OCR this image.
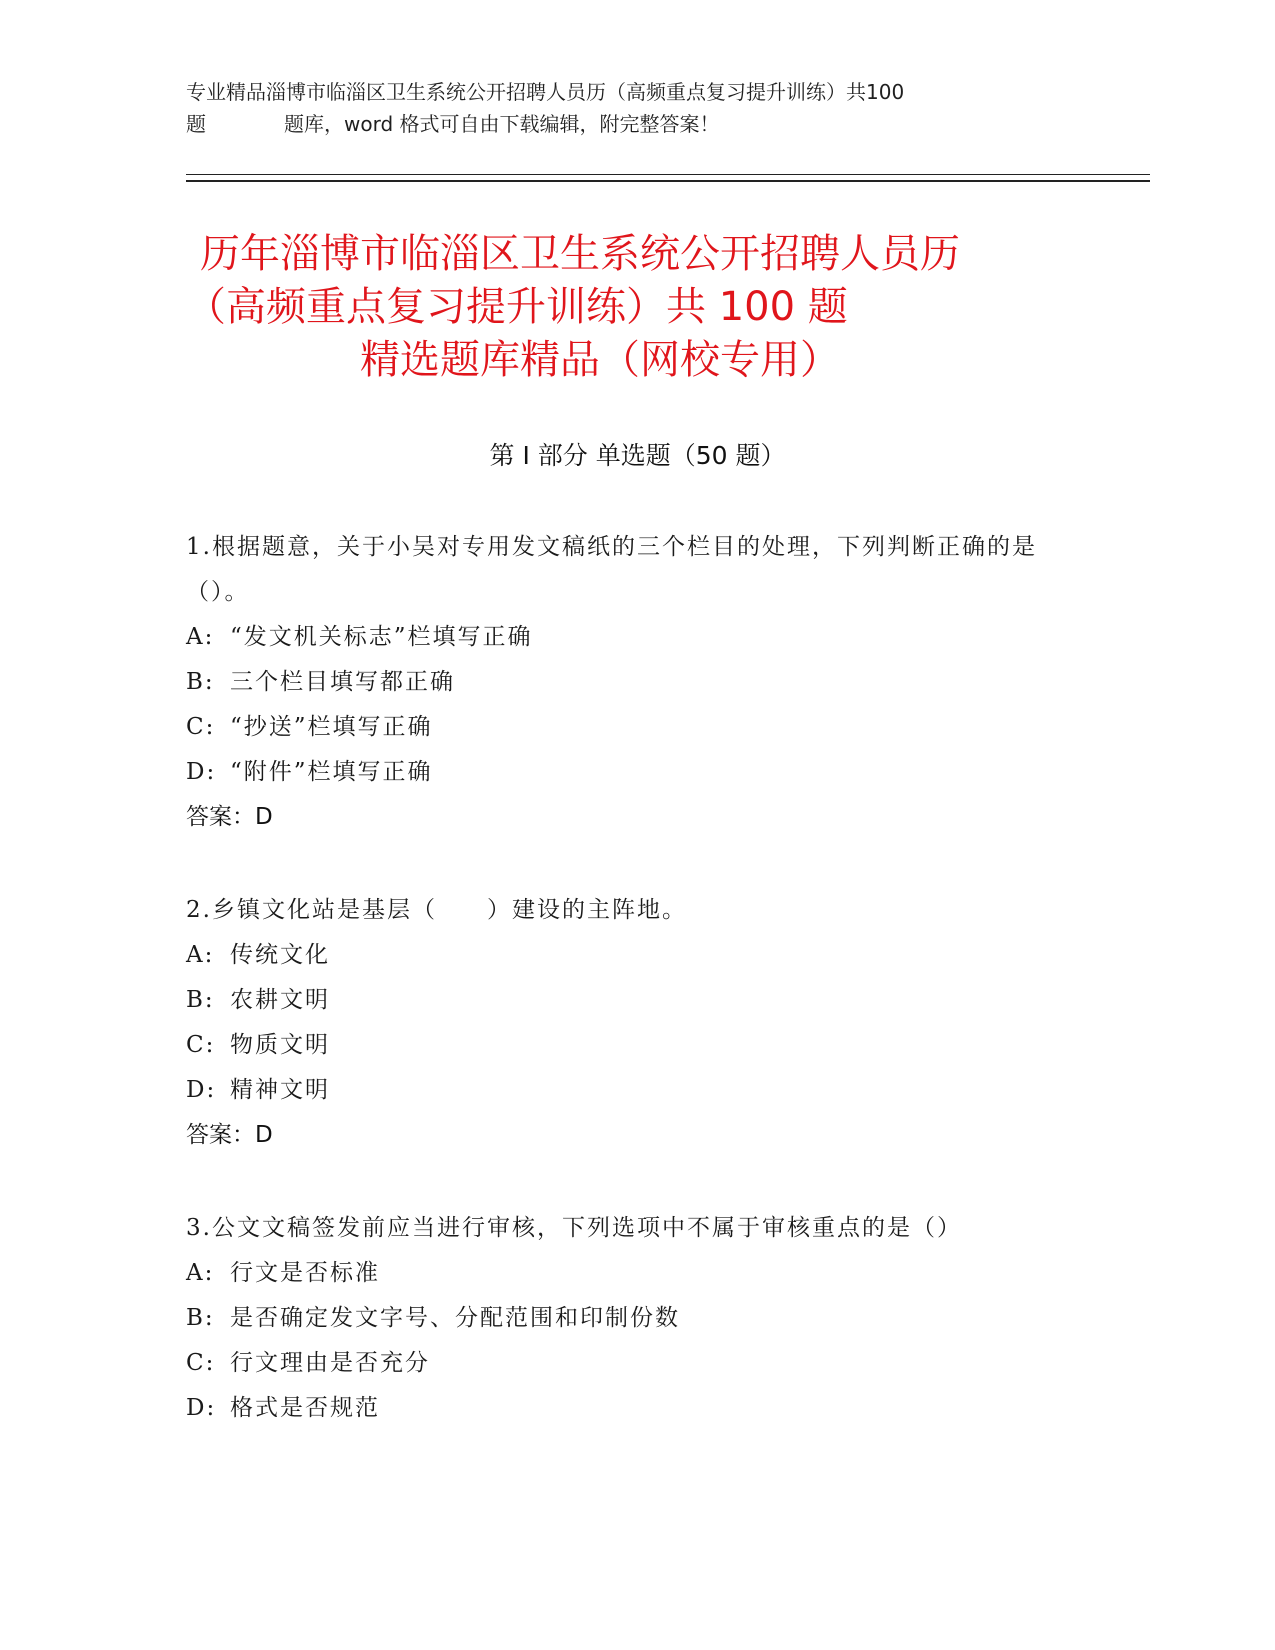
专业精品淄博市临淄区卫生系统公开招聘人员历（高频重点复习提升训练）共100
题	题库，word 格式可自由下载编辑，附完整答案！
历年淄博市临淄区卫生系统公开招聘人员历
（高频重点复习提升训练）共 100 题
精选题库精品（网校专用）
第 I 部分 单选题（50 题）
1.根据题意，关于小吴对专用发文稿纸的三个栏目的处理，下列判断正确的是（）。
A: “发文机关标志”栏填写正确
B: 三个栏目填写都正确
C: “抄送”栏填写正确
D: “附件”栏填写正确
答案：D
2.乡镇文化站是基层（　　）建设的主阵地。
A: 传统文化
B: 农耕文明
C: 物质文明
D: 精神文明
答案：D
3.公文文稿签发前应当进行审核，下列选项中不属于审核重点的是（）
A: 行文是否标准
B: 是否确定发文字号、分配范围和印制份数
C: 行文理由是否充分
D: 格式是否规范
